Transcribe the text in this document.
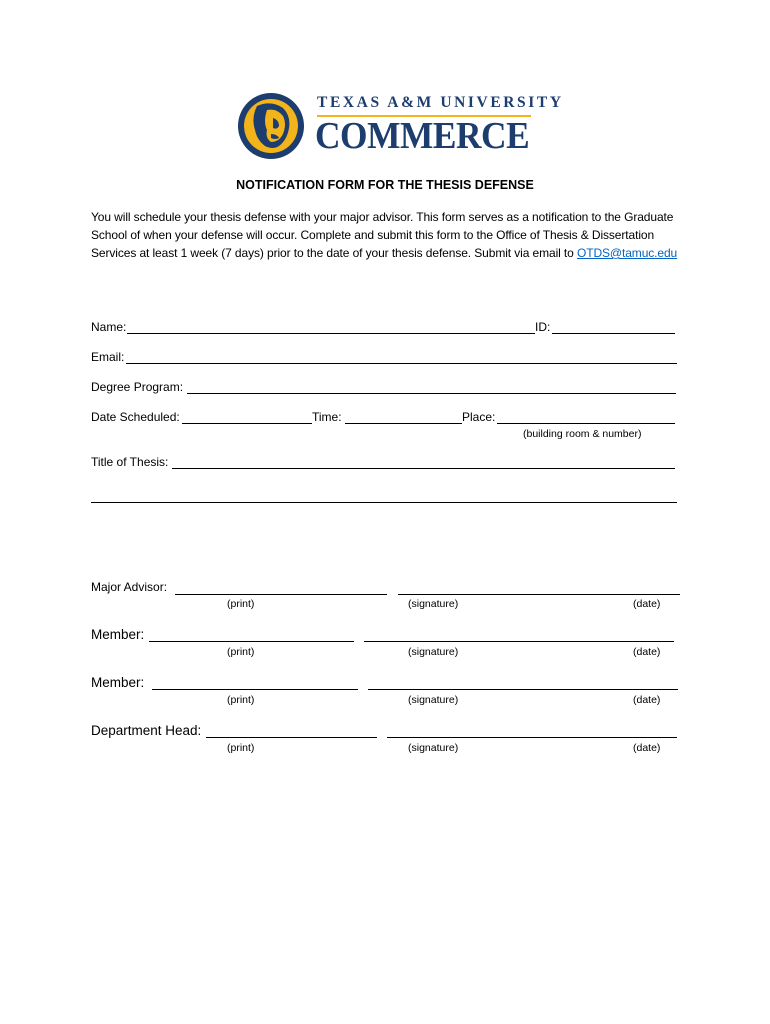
TEXAS A&M UNIVERSITY
COMMERCE
NOTIFICATION FORM FOR THE THESIS DEFENSE
You will schedule your thesis defense with your major advisor. This form serves as a notification to the Graduate School of when your defense will occur. Complete and submit this form to the Office of Thesis & Dissertation Services at least 1 week (7 days) prior to the date of your thesis defense. Submit via email to OTDS@tamuc.edu
Name:	ID:
Email:
Degree Program:
Date Scheduled:	Time:	Place:
(building room & number)
Title of Thesis:
Major Advisor:
(print)	(signature)	(date)
Member:
(print)	(signature)	(date)
Member:
(print)	(signature)	(date)
Department Head:
(print)	(signature)	(date)
